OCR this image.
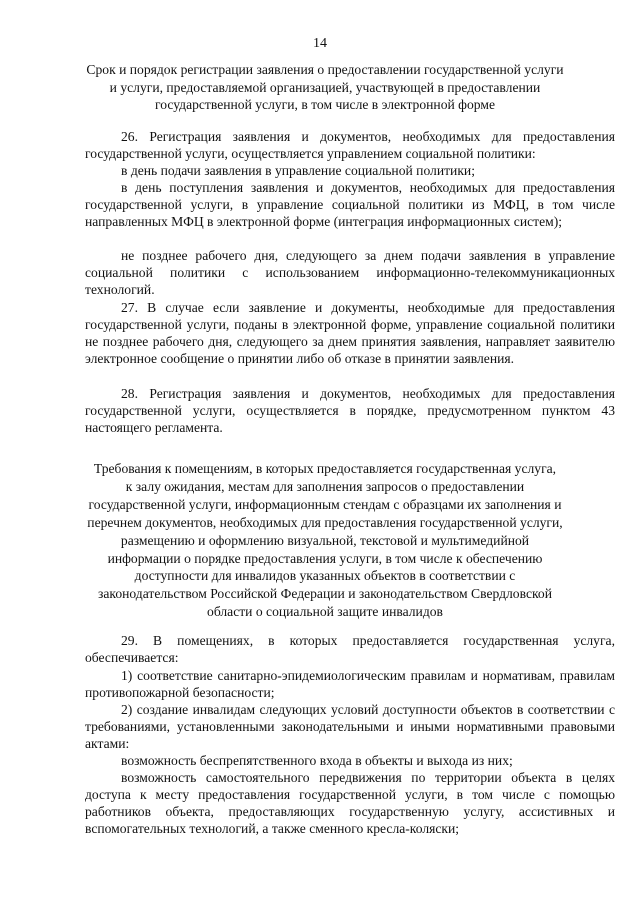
14
Срок и порядок регистрации заявления о предоставлении государственной услуги
и услуги, предоставляемой организацией, участвующей в предоставлении
государственной услуги, в том числе в электронной форме
26. Регистрация заявления и документов, необходимых для предоставления государственной услуги, осуществляется управлением социальной политики:
в день подачи заявления в управление социальной политики;
в день поступления заявления и документов, необходимых для предоставления государственной услуги, в управление социальной политики из МФЦ, в том числе направленных МФЦ в электронной форме (интеграция информационных систем);
не позднее рабочего дня, следующего за днем подачи заявления в управление социальной политики с использованием информационно-телекоммуникационных технологий.
27. В случае если заявление и документы, необходимые для предоставления государственной услуги, поданы в электронной форме, управление социальной политики не позднее рабочего дня, следующего за днем принятия заявления, направляет заявителю электронное сообщение о принятии либо об отказе в принятии заявления.
28. Регистрация заявления и документов, необходимых для предоставления государственной услуги, осуществляется в порядке, предусмотренном пунктом 43 настоящего регламента.
Требования к помещениям, в которых предоставляется государственная услуга,
к залу ожидания, местам для заполнения запросов о предоставлении
государственной услуги, информационным стендам с образцами их заполнения и
перечнем документов, необходимых для предоставления государственной услуги,
размещению и оформлению визуальной, текстовой и мультимедийной
информации о порядке предоставления услуги, в том числе к обеспечению
доступности для инвалидов указанных объектов в соответствии с
законодательством Российской Федерации и законодательством Свердловской
области о социальной защите инвалидов
29. В помещениях, в которых предоставляется государственная услуга, обеспечивается:
1) соответствие санитарно-эпидемиологическим правилам и нормативам, правилам противопожарной безопасности;
2) создание инвалидам следующих условий доступности объектов в соответствии с требованиями, установленными законодательными и иными нормативными правовыми актами:
возможность беспрепятственного входа в объекты и выхода из них;
возможность самостоятельного передвижения по территории объекта в целях доступа к месту предоставления государственной услуги, в том числе с помощью работников объекта, предоставляющих государственную услугу, ассистивных и вспомогательных технологий, а также сменного кресла-коляски;
